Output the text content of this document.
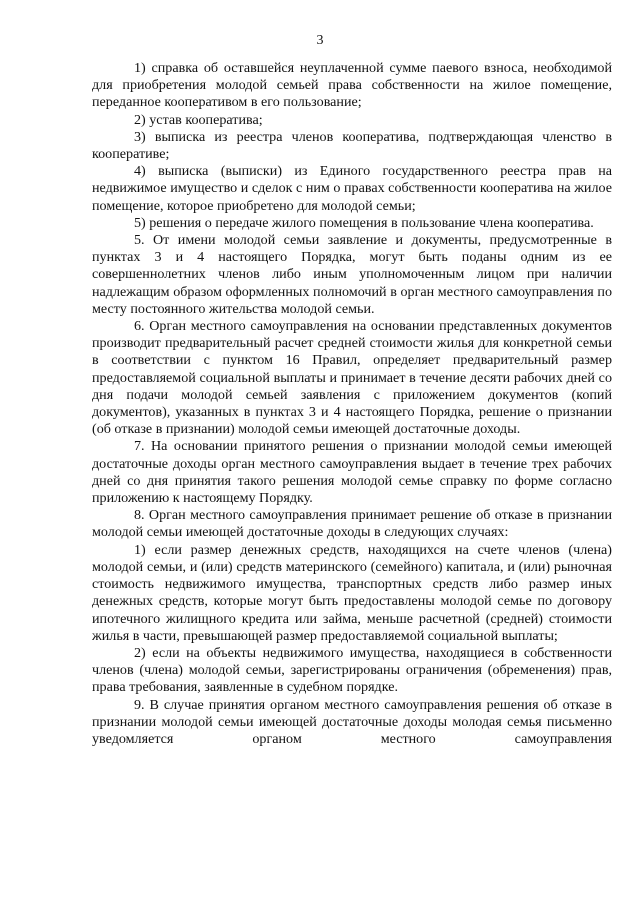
3

1) справка об оставшейся неуплаченной сумме паевого взноса, необходимой для приобретения молодой семьей права собственности на жилое помещение, переданное кооперативом в его пользование;

2) устав кооператива;

3) выписка из реестра членов кооператива, подтверждающая членство в кооперативе;

4) выписка (выписки) из Единого государственного реестра прав на недвижимое имущество и сделок с ним о правах собственности кооператива на жилое помещение, которое приобретено для молодой семьи;

5) решения о передаче жилого помещения в пользование члена кооператива.

5. От имени молодой семьи заявление и документы, предусмотренные в пунктах 3 и 4 настоящего Порядка, могут быть поданы одним из ее совершеннолетних членов либо иным уполномоченным лицом при наличии надлежащим образом оформленных полномочий в орган местного самоуправления по месту постоянного жительства молодой семьи.

6. Орган местного самоуправления на основании представленных документов производит предварительный расчет средней стоимости жилья для конкретной семьи в соответствии с пунктом 16 Правил, определяет предварительный размер предоставляемой социальной выплаты и принимает в течение десяти рабочих дней со дня подачи молодой семьей заявления с приложением документов (копий документов), указанных в пунктах 3 и 4 настоящего Порядка, решение о признании (об отказе в признании) молодой семьи имеющей достаточные доходы.

7. На основании принятого решения о признании молодой семьи имеющей достаточные доходы орган местного самоуправления выдает в течение трех рабочих дней со дня принятия такого решения молодой семье справку по форме согласно приложению к настоящему Порядку.

8. Орган местного самоуправления принимает решение об отказе в признании молодой семьи имеющей достаточные доходы в следующих случаях:

1) если размер денежных средств, находящихся на счете членов (члена) молодой семьи, и (или) средств материнского (семейного) капитала, и (или) рыночная стоимость недвижимого имущества, транспортных средств либо размер иных денежных средств, которые могут быть предоставлены молодой семье по договору ипотечного жилищного кредита или займа, меньше расчетной (средней) стоимости жилья в части, превышающей размер предоставляемой социальной выплаты;

2) если на объекты недвижимого имущества, находящиеся в собственности членов (члена) молодой семьи, зарегистрированы ограничения (обременения) прав, права требования, заявленные в судебном порядке.

9. В случае принятия органом местного самоуправления решения об отказе в признании молодой семьи имеющей достаточные доходы молодая семья письменно уведомляется органом местного самоуправления
